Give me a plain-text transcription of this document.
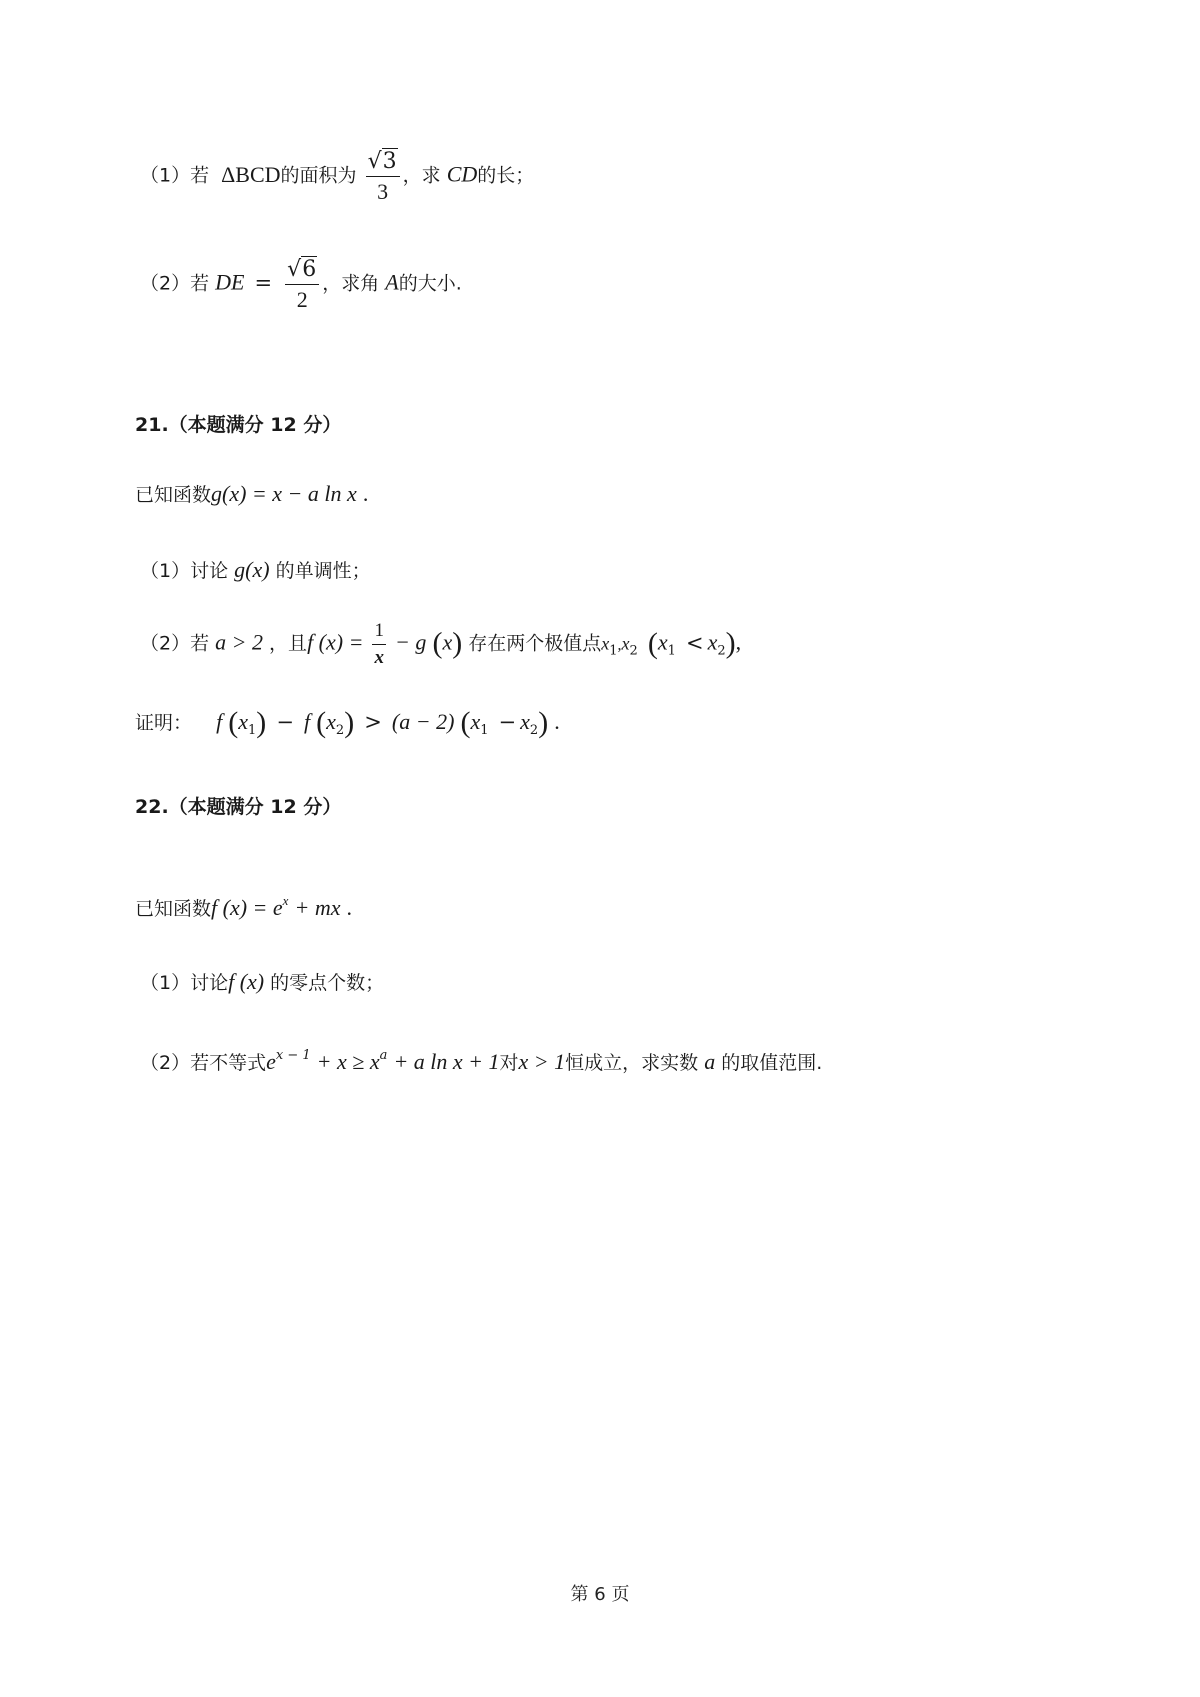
（1）若 ΔBCD的面积为 $\frac{√3}{3}$ ，求 CD的长；
（2）若 DE = $\frac{√6}{2}$ ，求角 A的大小.
21.（本题满分 12 分）
已知函数g(x) = x − a ln x .
（1）讨论 g(x) 的单调性；
（2）若 a > 2 ，且f $(x) = \frac{1}{x} - g$ (x) 存在两个极值点$x_1,x_2$ $(x_1 < x_2)$,
证明： f $(x_1) - f$ $(x_2) > (a - 2) (x_1 - x_2)$ .
22.（本题满分 12 分）
已知函数f $(x) = e^x$ + mx .
（1）讨论f (x) 的零点个数；
（2）若不等式$e^{x - 1} + x \ge x^a + a$ ln x + 1对x > 1恒成立，求实数 a 的取值范围.
第 6 页
